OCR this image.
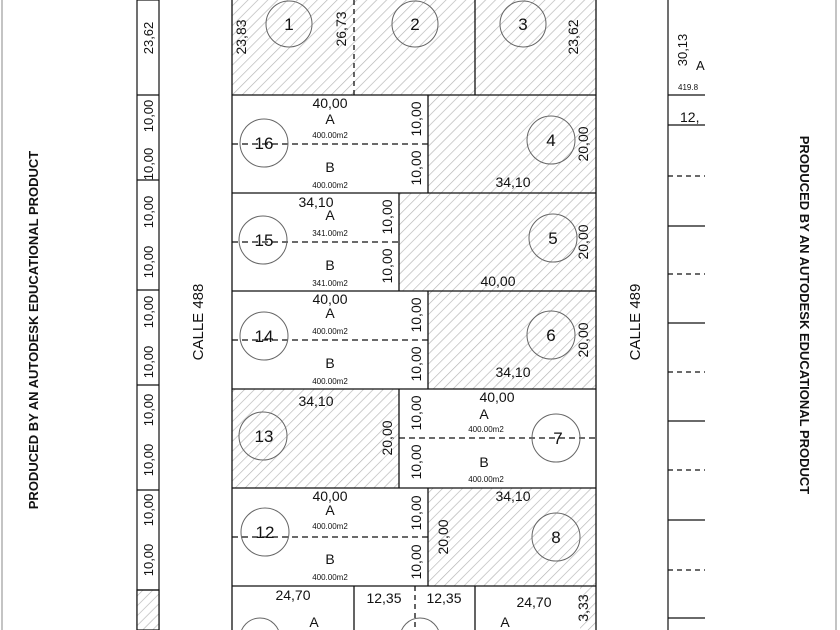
PRODUCED BY AN AUTODESK EDUCATIONAL PRODUCT	PRODUCED BY AN AUTODESK EDUCATIONAL PRODUCT
23,62
10,00
10,00
10,00
10,00
10,00
10,00
10,00
10,00
10,00
10,00
CALLE 488	CALLE 489
30,13 A
419.8
12,
1	2	3
4
5
6
7
8
12
13
14
15
16
23,83	26,73	23,62
40,00	10,00
10,00
20,00
34,10
34,10	10,00
10,00
20,00
40,00
40,00	10,00
10,00
20,00
34,10
34,10
20,00
40,00
10,00
10,00
40,00	10,00
10,00
34,10
20,00
24,70	12,35 12,35	24,70 3,33
A
400.00m2
B
400.00m2
A
341.00m2
B
341.00m2
A
400.00m2
B
400.00m2
A
400.00m2
B
400.00m2
A
400.00m2
B
400.00m2
A	A
